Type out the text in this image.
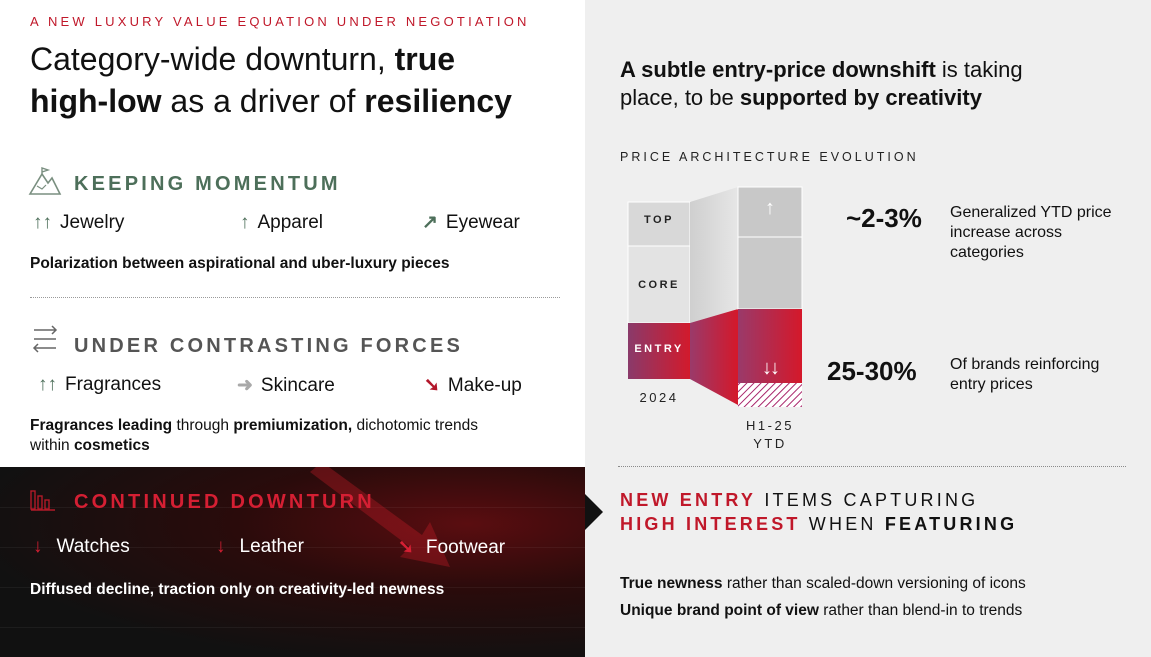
A NEW LUXURY VALUE EQUATION UNDER NEGOTIATION
Category-wide downturn, true
high-low as a driver of resiliency
KEEPING MOMENTUM
↑↑ Jewelry	↑ Apparel	↗ Eyewear
Polarization between aspirational and uber-luxury pieces
UNDER CONTRASTING FORCES
↑↑ Fragrances	➜ Skincare	➘ Make-up
Fragrances leading through premiumization, dichotomic trends
within cosmetics
CONTINUED DOWNTURN
↓ Watches	↓ Leather	➘ Footwear
Diffused decline, traction only on creativity-led newness
A subtle entry-price downshift is taking
place, to be supported by creativity
PRICE ARCHITECTURE EVOLUTION
TOP
CORE
ENTRY
2024
H1-25
YTD
↑
↓↓
~2-3% Generalized YTD price increase across categories
25-30% Of brands reinforcing entry prices
NEW ENTRY ITEMS CAPTURING
HIGH INTEREST WHEN FEATURING
True newness rather than scaled-down versioning of icons
Unique brand point of view rather than blend-in to trends
